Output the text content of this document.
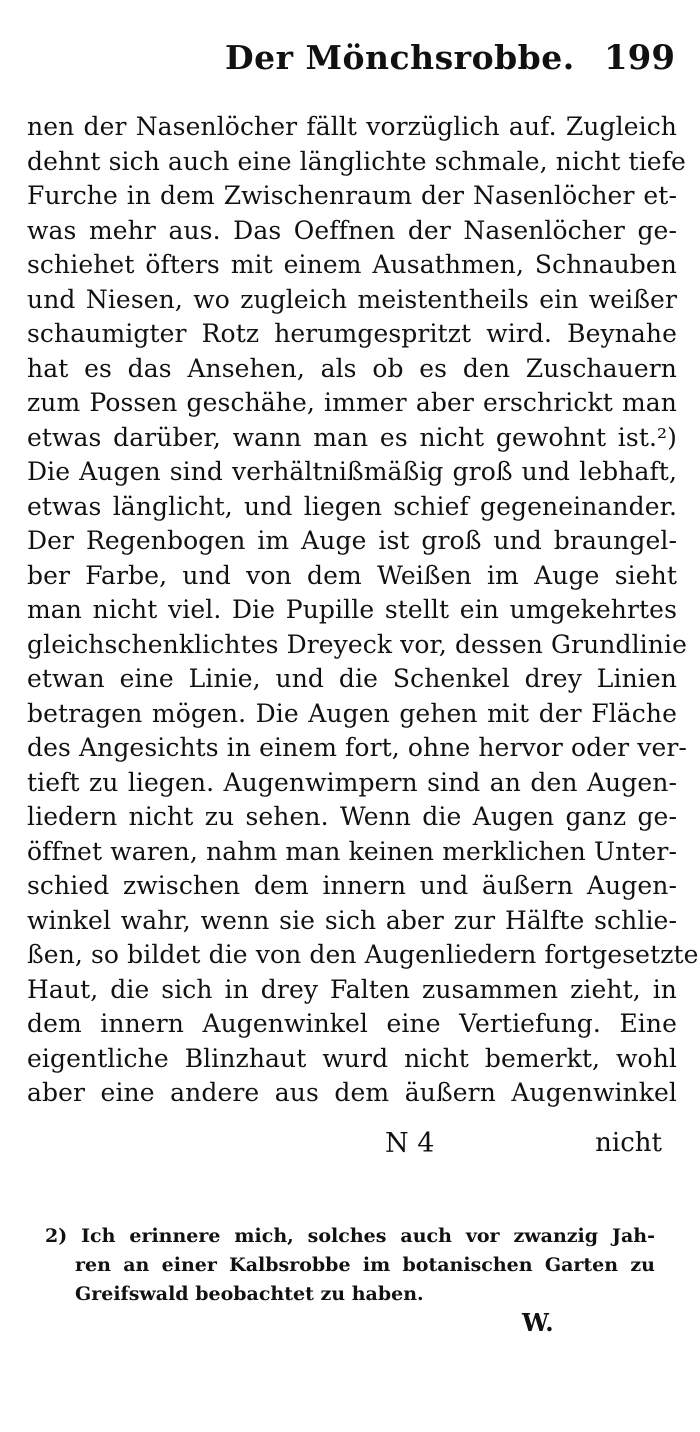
Der Mönchsrobbe. 199
nen der Nasenlöcher fällt vorzüglich auf. Zugleich
dehnt sich auch eine länglichte schmale, nicht tiefe
Furche in dem Zwischenraum der Nasenlöcher et-
was mehr aus. Das Oeffnen der Nasenlöcher ge-
schiehet öfters mit einem Ausathmen, Schnauben
und Niesen, wo zugleich meistentheils ein weißer
schaumigter Rotz herumgespritzt wird. Beynahe
hat es das Ansehen, als ob es den Zuschauern
zum Possen geschähe, immer aber erschrickt man
etwas darüber, wann man es nicht gewohnt ist.²)
Die Augen sind verhältnißmäßig groß und lebhaft,
etwas länglicht, und liegen schief gegeneinander.
Der Regenbogen im Auge ist groß und braungel-
ber Farbe, und von dem Weißen im Auge sieht
man nicht viel. Die Pupille stellt ein umgekehrtes
gleichschenklichtes Dreyeck vor, dessen Grundlinie
etwan eine Linie, und die Schenkel drey Linien
betragen mögen. Die Augen gehen mit der Fläche
des Angesichts in einem fort, ohne hervor oder ver-
tieft zu liegen. Augenwimpern sind an den Augen-
liedern nicht zu sehen. Wenn die Augen ganz ge-
öffnet waren, nahm man keinen merklichen Unter-
schied zwischen dem innern und äußern Augen-
winkel wahr, wenn sie sich aber zur Hälfte schlie-
ßen, so bildet die von den Augenliedern fortgesetzte
Haut, die sich in drey Falten zusammen zieht, in
dem innern Augenwinkel eine Vertiefung. Eine
eigentliche Blinzhaut wurd nicht bemerkt, wohl
aber eine andere aus dem äußern Augenwinkel
N 4	nicht
2) Ich erinnere mich, solches auch vor zwanzig Jah-
ren an einer Kalbsrobbe im botanischen Garten zu
Greifswald beobachtet zu haben.
W.
